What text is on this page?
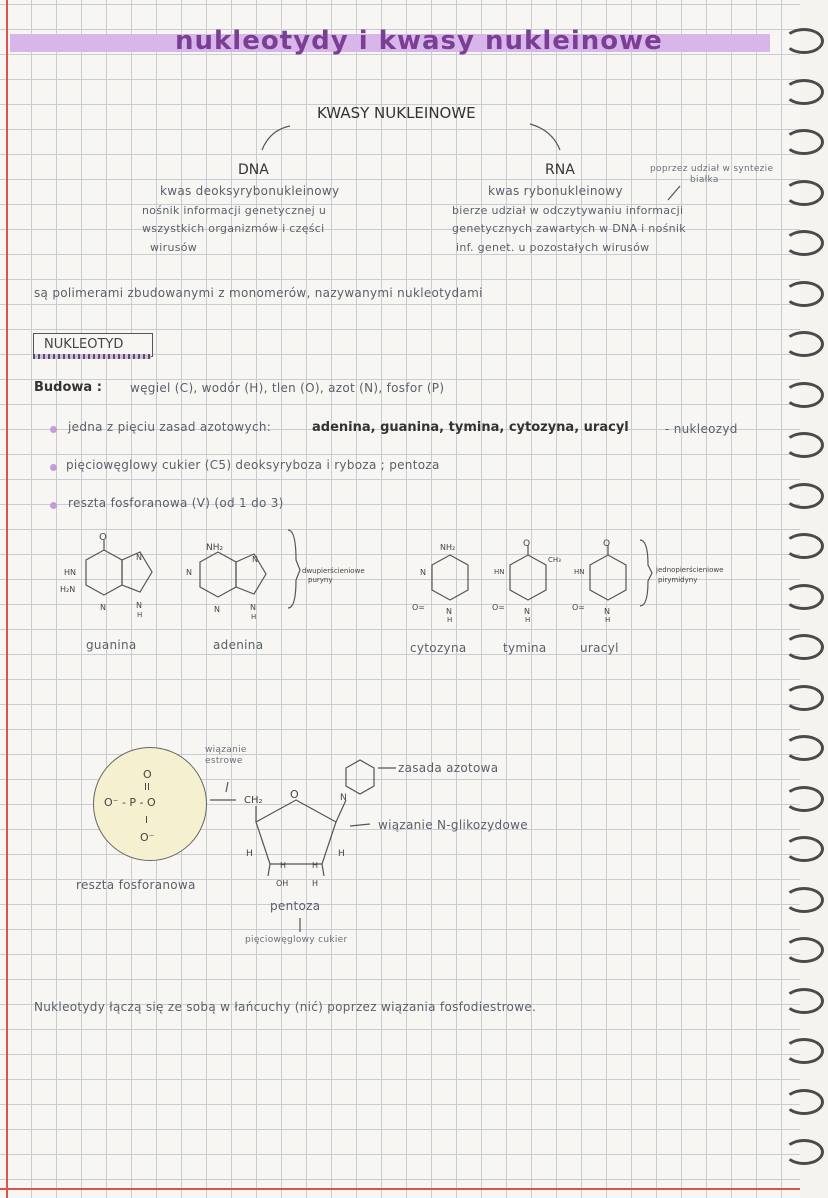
nukleotydy i kwasy nukleinowe
KWASY NUKLEINOWE
DNA
kwas deoksyrybonukleinowy
nośnik informacji genetycznej u
wszystkich organizmów i części
wirusów
RNA	poprzez udział w syntezie
białka
kwas rybonukleinowy
bierze udział w odczytywaniu informacji
genetycznych zawartych w DNA i nośnik
inf. genet. u pozostałych wirusów
są polimerami zbudowanymi z monomerów, nazywanymi nukleotydami
NUKLEOTYD
Budowa : węgiel (C), wodór (H), tlen (O), azot (N), fosfor (P)
jedna z pięciu zasad azotowych:	adenina, guanina, tymina, cytozyna, uracyl	- nukleozyd
pięciowęglowy cukier (C5) deoksyryboza i ryboza ; pentoza
reszta fosforanowa (V) (od 1 do 3)
O
HN
H₂N
N
N	N
H
NH₂
N
N
N	N
H
dwupierścieniowe
puryny
NH₂
N
O=	N
H
O
CH₃
HN
O= N
H
O
HN
O= N
H
jednopierścieniowe
pirymidyny
guanina	adenina	cytozyna	tymina	uracyl
O
II
O⁻ - P - O
I
O⁻
CH₂ O
H	H
H	H
OH	H
N
wiązanie
estrowe	zasada azotowa
wiązanie N-glikozydowe
reszta fosforanowa
pentoza
pięciowęglowy cukier
Nukleotydy łączą się ze sobą w łańcuchy (nić) poprzez wiązania fosfodiestrowe.
